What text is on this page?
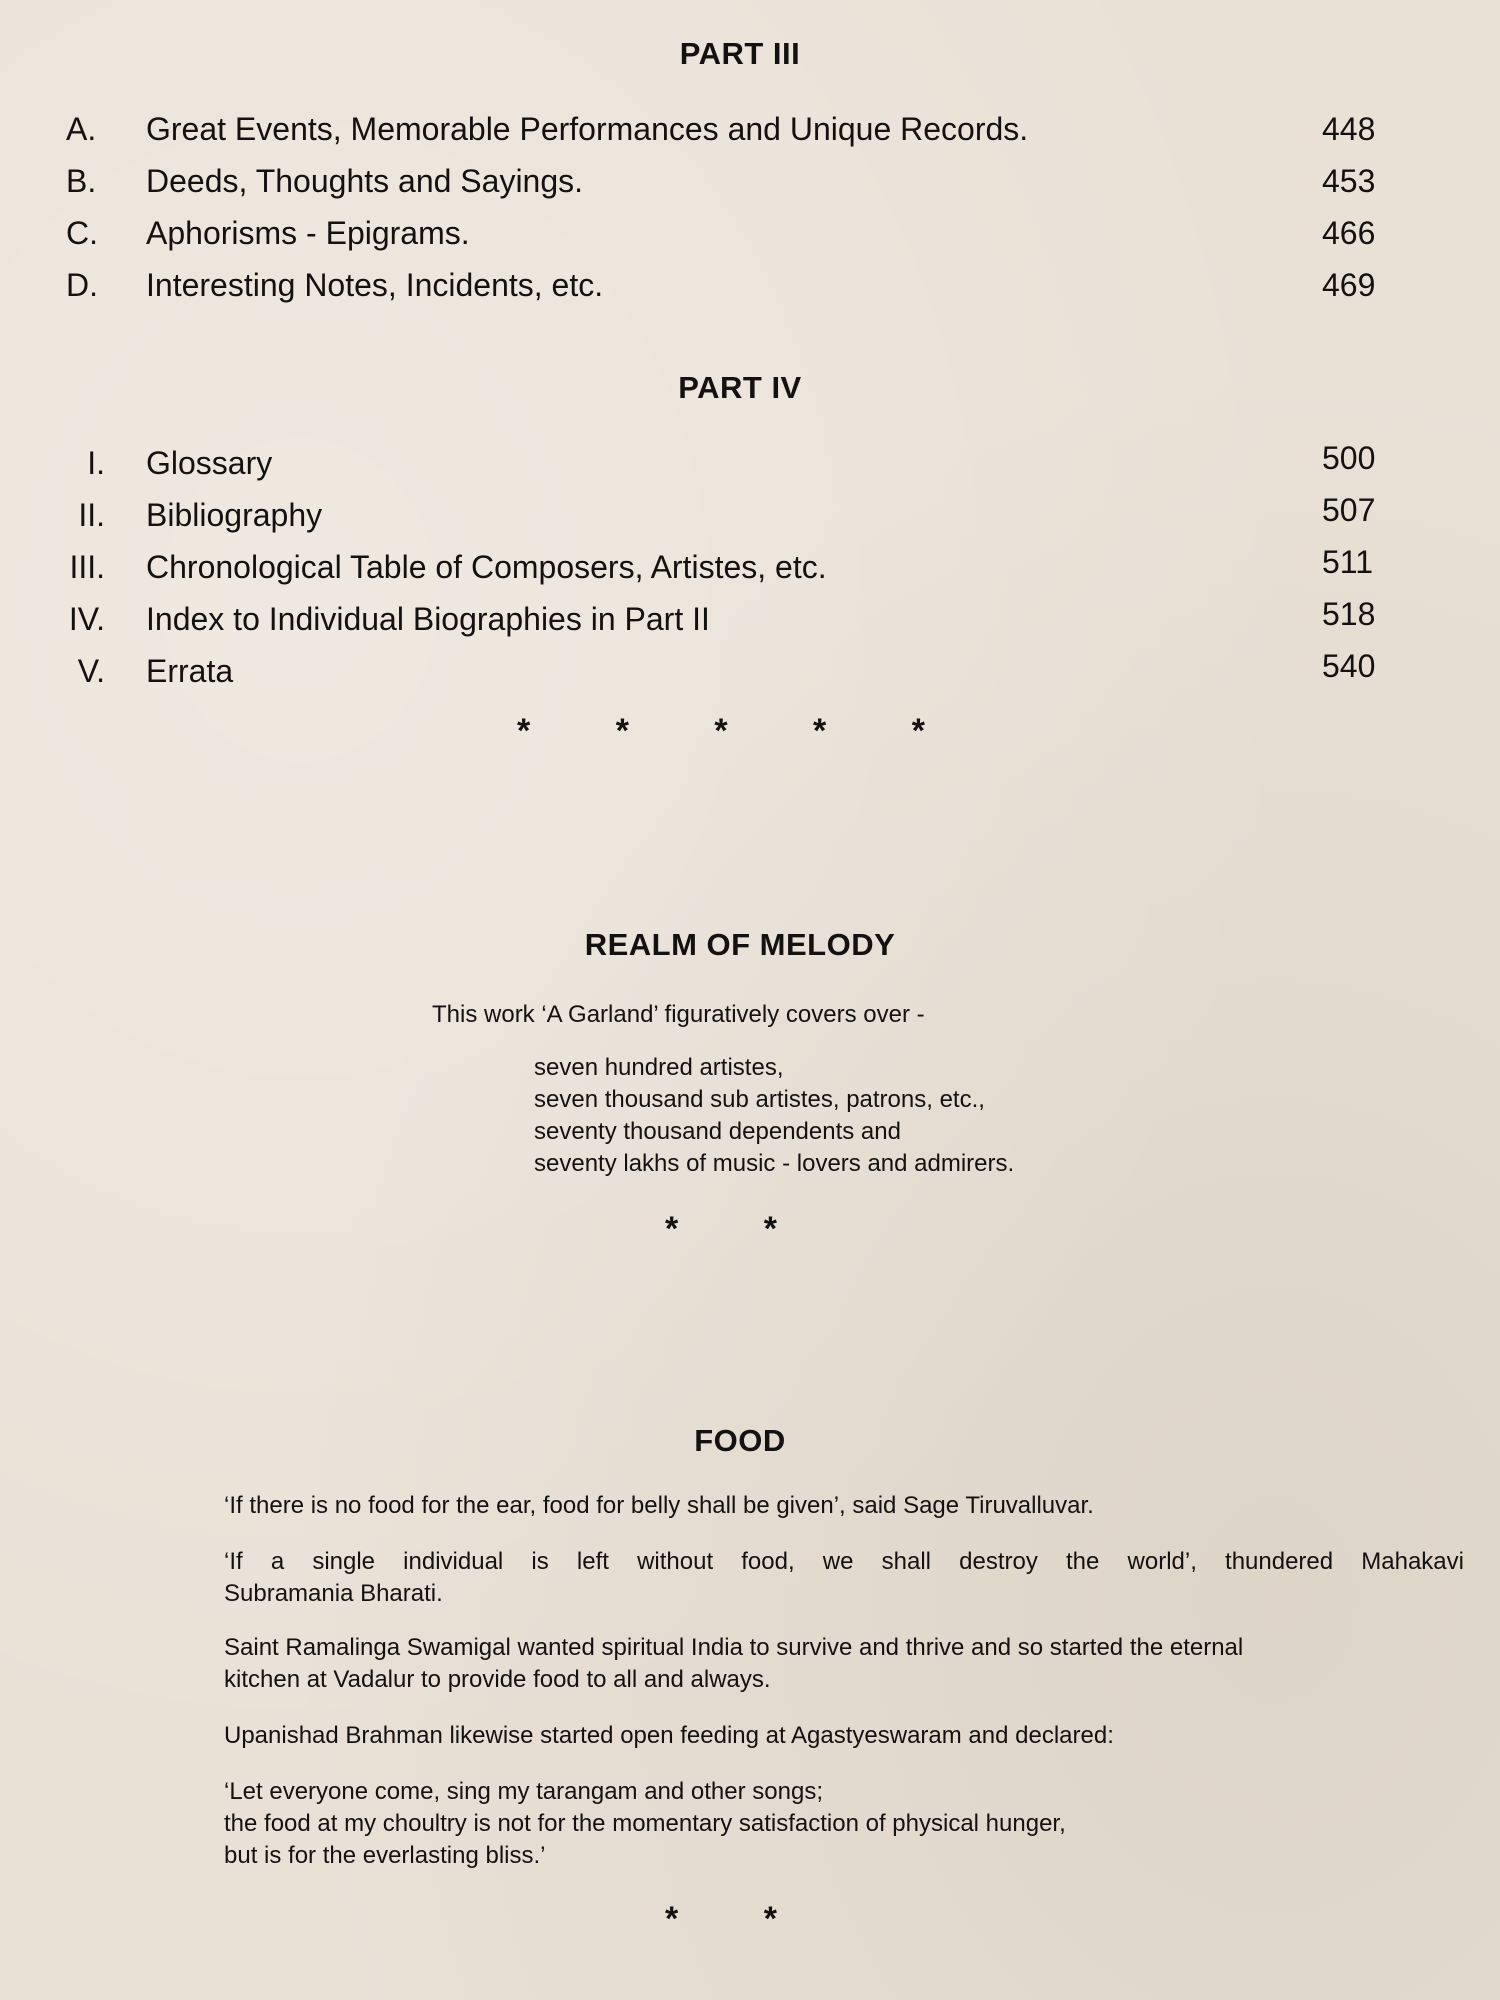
PART III
A. Great Events, Memorable Performances and Unique Records.	448
B. Deeds, Thoughts and Sayings.	453
C. Aphorisms - Epigrams.	466
D. Interesting Notes, Incidents, etc.	469
PART IV
I. Glossary	500
II. Bibliography	507
III. Chronological Table of Composers, Artistes, etc.	511
IV. Index to Individual Biographies in Part II	518
V. Errata	540
* * * * *
REALM OF MELODY
This work ‘A Garland’ figuratively covers over -
seven hundred artistes,
seven thousand sub artistes, patrons, etc.,
seventy thousand dependents and
seventy lakhs of music - lovers and admirers.
* *
FOOD
‘If there is no food for the ear, food for belly shall be given’, said Sage Tiruvalluvar.
‘If a single individual is left without food, we shall destroy the world’, thundered Mahakavi
Subramania Bharati.
Saint Ramalinga Swamigal wanted spiritual India to survive and thrive and so started the eternal
kitchen at Vadalur to provide food to all and always.
Upanishad Brahman likewise started open feeding at Agastyeswaram and declared:
‘Let everyone come, sing my tarangam and other songs;
the food at my choultry is not for the momentary satisfaction of physical hunger,
but is for the everlasting bliss.’
* *
